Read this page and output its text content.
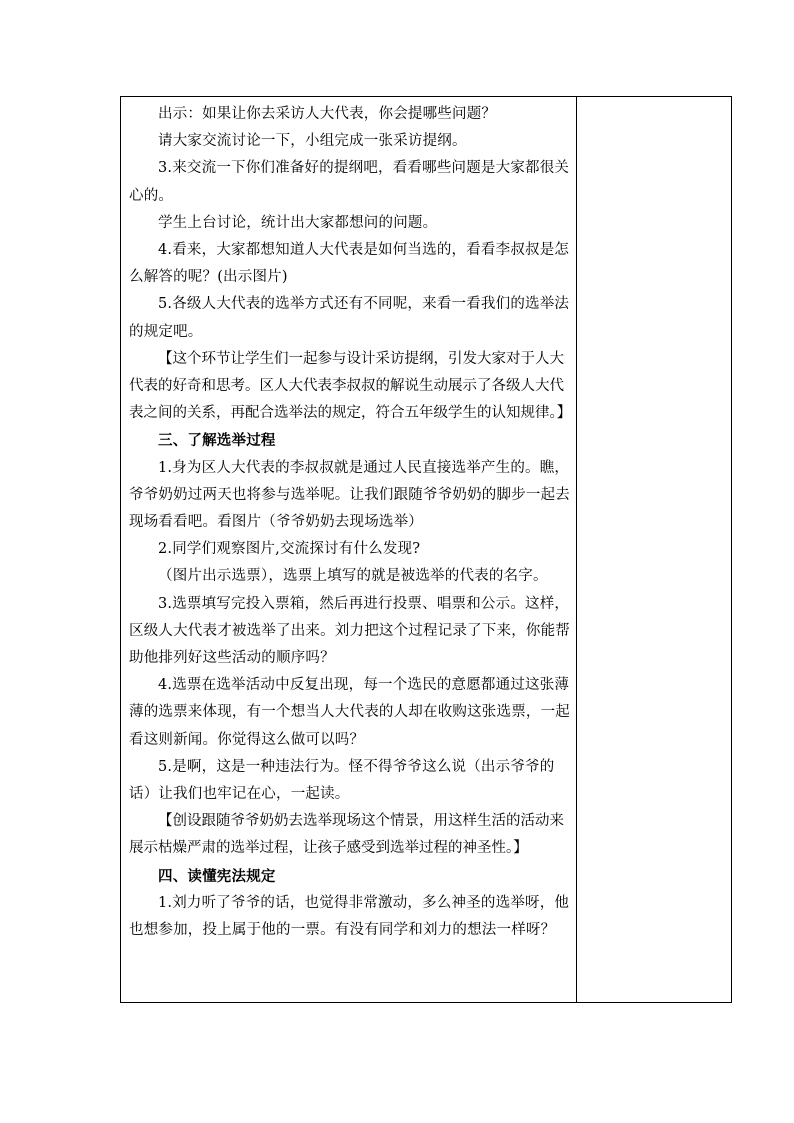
出示：如果让你去采访人大代表，你会提哪些问题？

请大家交流讨论一下，小组完成一张采访提纲。

3.来交流一下你们准备好的提纲吧，看看哪些问题是大家都很关心的。

学生上台讨论，统计出大家都想问的问题。

4.看来，大家都想知道人大代表是如何当选的，看看李叔叔是怎么解答的呢？(出示图片)

5.各级人大代表的选举方式还有不同呢，来看一看我们的选举法的规定吧。

【这个环节让学生们一起参与设计采访提纲，引发大家对于人大代表的好奇和思考。区人大代表李叔叔的解说生动展示了各级人大代表之间的关系，再配合选举法的规定，符合五年级学生的认知规律。】

三、了解选举过程

1.身为区人大代表的李叔叔就是通过人民直接选举产生的。瞧，爷爷奶奶过两天也将参与选举呢。让我们跟随爷爷奶奶的脚步一起去现场看看吧。看图片（爷爷奶奶去现场选举）

2.同学们观察图片,交流探讨有什么发现?

（图片出示选票），选票上填写的就是被选举的代表的名字。

3.选票填写完投入票箱，然后再进行投票、唱票和公示。这样，区级人大代表才被选举了出来。刘力把这个过程记录了下来，你能帮助他排列好这些活动的顺序吗？

4.选票在选举活动中反复出现，每一个选民的意愿都通过这张薄薄的选票来体现，有一个想当人大代表的人却在收购这张选票，一起看这则新闻。你觉得这么做可以吗？

5.是啊，这是一种违法行为。怪不得爷爷这么说（出示爷爷的话）让我们也牢记在心，一起读。

【创设跟随爷爷奶奶去选举现场这个情景，用这样生活的活动来展示枯燥严肃的选举过程，让孩子感受到选举过程的神圣性。】

四、读懂宪法规定

1.刘力听了爷爷的话，也觉得非常激动，多么神圣的选举呀，他也想参加，投上属于他的一票。有没有同学和刘力的想法一样呀？
